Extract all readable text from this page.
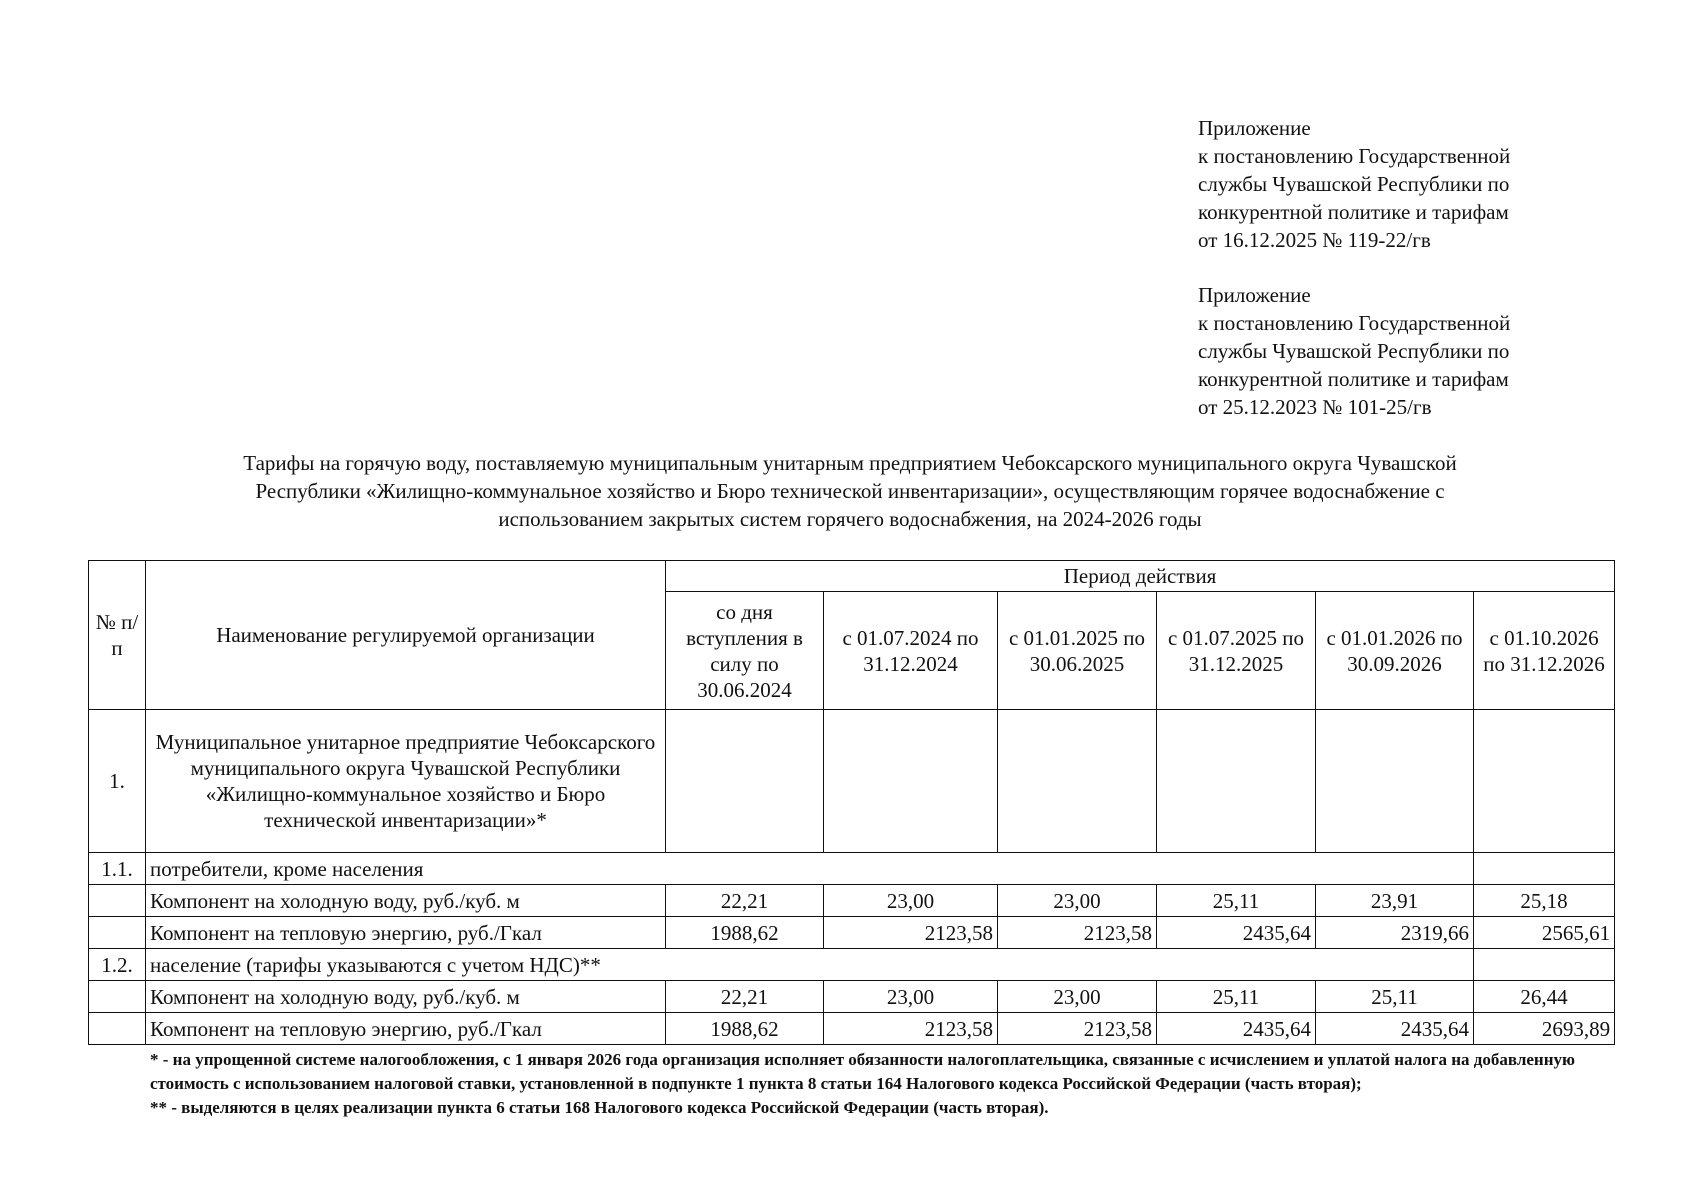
Приложение
к постановлению Государственной
службы Чувашской Республики по
конкурентной политике и тарифам
от 16.12.2025 № 119-22/гв
Приложение
к постановлению Государственной
службы Чувашской Республики по
конкурентной политике и тарифам
от 25.12.2023 № 101-25/гв
Тарифы на горячую воду, поставляемую муниципальным унитарным предприятием Чебоксарского муниципального округа Чувашской
Республики «Жилищно-коммунальное хозяйство и Бюро технической инвентаризации», осуществляющим горячее водоснабжение с
использованием закрытых систем горячего водоснабжения, на 2024-2026 годы
№ п/п	Наименование регулируемой организации	Период действия					
		со дня вступления в силу по 30.06.2024	с 01.07.2024 по 31.12.2024	с 01.01.2025 по 30.06.2025	с 01.07.2025 по 31.12.2025	с 01.01.2026 по 30.09.2026	с 01.10.2026 по 31.12.2026
1.	Муниципальное унитарное предприятие Чебоксарского муниципального округа Чувашской Республики «Жилищно-коммунальное хозяйство и Бюро технической инвентаризации»*						
1.1.	потребители, кроме населения						
	Компонент на холодную воду, руб./куб. м	22,21	23,00	23,00	25,11	23,91	25,18
	Компонент на тепловую энергию, руб./Гкал	1988,62	2123,58	2123,58	2435,64	2319,66	2565,61
1.2.	население (тарифы указываются с учетом НДС)**						
	Компонент на холодную воду, руб./куб. м	22,21	23,00	23,00	25,11	25,11	26,44
	Компонент на тепловую энергию, руб./Гкал	1988,62	2123,58	2123,58	2435,64	2435,64	2693,89
* - на упрощенной системе налогообложения, с 1 января 2026 года организация исполняет обязанности налогоплательщика, связанные с исчислением и уплатой налога на добавленную стоимость с использованием налоговой ставки, установленной в подпункте 1 пункта 8 статьи 164 Налогового кодекса Российской Федерации (часть вторая);
** - выделяются в целях реализации пункта 6 статьи 168 Налогового кодекса Российской Федерации (часть вторая).
